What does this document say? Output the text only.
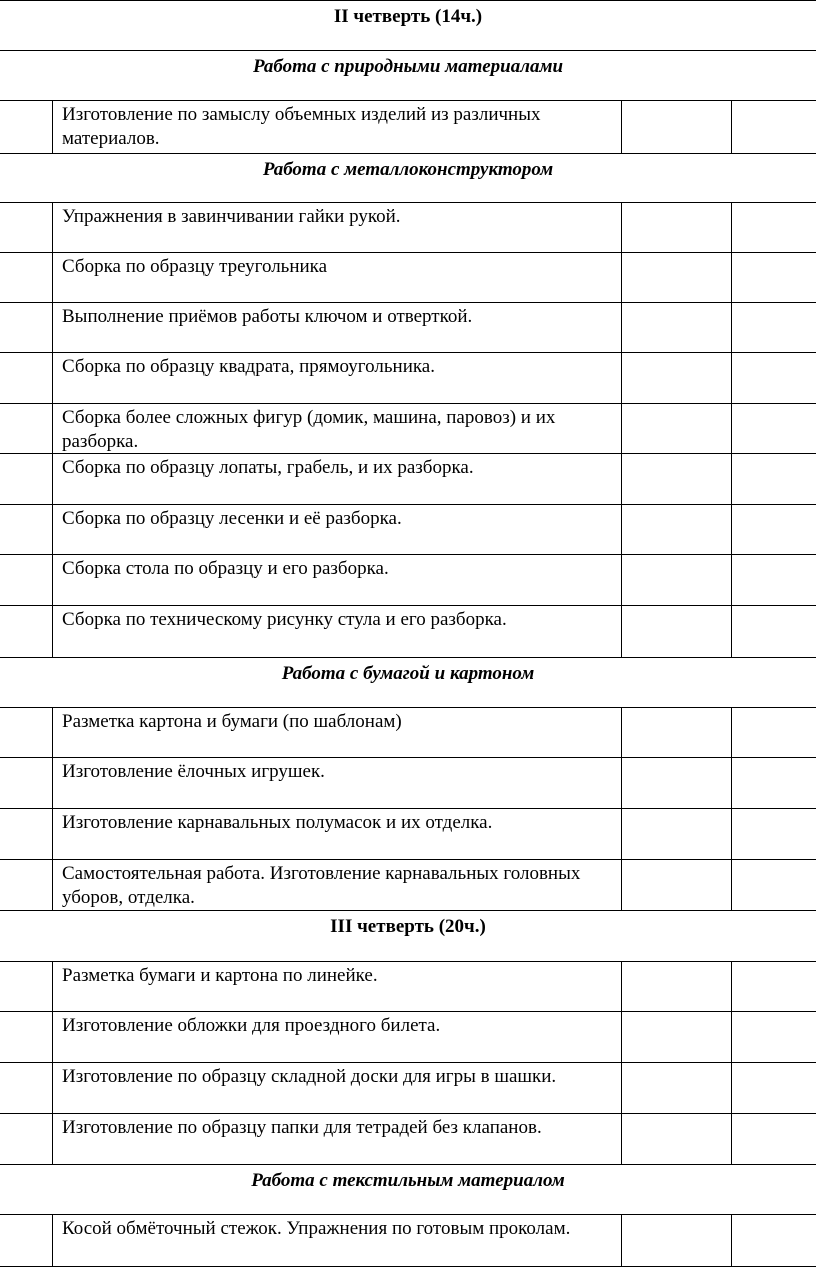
II четверть (14ч.)
Работа с природными материалами
Изготовление по замыслу объемных изделий из различных материалов.
Работа с металлоконструктором
Упражнения в завинчивании гайки рукой.
Сборка по образцу треугольника
Выполнение приёмов работы ключом и отверткой.
Сборка по образцу квадрата, прямоугольника.
Сборка более сложных фигур (домик, машина, паровоз) и их разборка.
Сборка по образцу лопаты, грабель, и их разборка.
Сборка по образцу лесенки и её разборка.
Сборка стола по образцу и его разборка.
Сборка по техническому рисунку стула и его разборка.
Работа с бумагой и картоном
Разметка картона и бумаги (по шаблонам)
Изготовление ёлочных игрушек.
Изготовление карнавальных полумасок и их отделка.
Самостоятельная работа. Изготовление карнавальных головных уборов, отделка.
III четверть (20ч.)
Разметка бумаги и картона по линейке.
Изготовление обложки для проездного билета.
Изготовление по образцу складной доски для игры в шашки.
Изготовление по образцу папки для тетрадей без клапанов.
Работа с текстильным материалом
Косой обмёточный стежок. Упражнения по готовым проколам.
